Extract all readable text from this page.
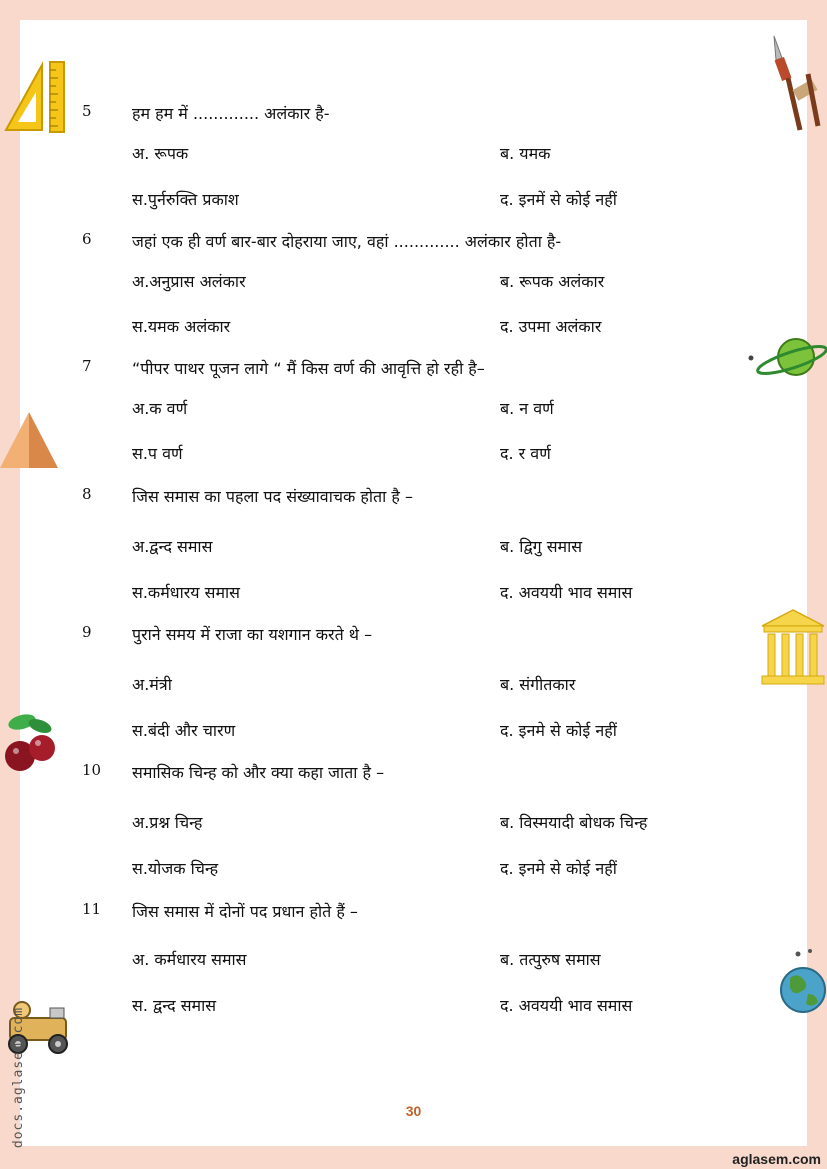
5	हम हम में ............. अलंकार है-
अ. रूपक	ब. यमक
स.पुर्नरुक्ति प्रकाश	द. इनमें से कोई नहीं
6	जहां एक ही वर्ण बार-बार दोहराया जाए, वहां ............. अलंकार होता है-
अ.अनुप्रास अलंकार	ब. रूपक अलंकार
स.यमक अलंकार	द. उपमा अलंकार
7	“पीपर पाथर पूजन लागे “ मैं किस वर्ण की आवृत्ति हो रही है–
अ.क वर्ण	ब. न वर्ण
स.प वर्ण	द. र वर्ण
8	जिस समास का पहला पद संख्यावाचक होता है –
अ.द्वन्द समास	ब. द्विगु समास
स.कर्मधारय समास	द. अवययी भाव समास
9	पुराने समय में राजा का यशगान करते थे –
अ.मंत्री	ब. संगीतकार
स.बंदी और चारण	द. इनमे से कोई नहीं
10 समासिक चिन्ह को और क्या कहा जाता है –
अ.प्रश्न चिन्ह	ब. विस्मयादी बोधक चिन्ह
स.योजक चिन्ह	द. इनमे से कोई नहीं
11 जिस समास में दोनों पद प्रधान होते हैं –
अ. कर्मधारय समास	ब. तत्पुरुष समास
स. द्वन्द समास	द. अवययी भाव समास
30
docs.aglasem.com
aglasem.com
